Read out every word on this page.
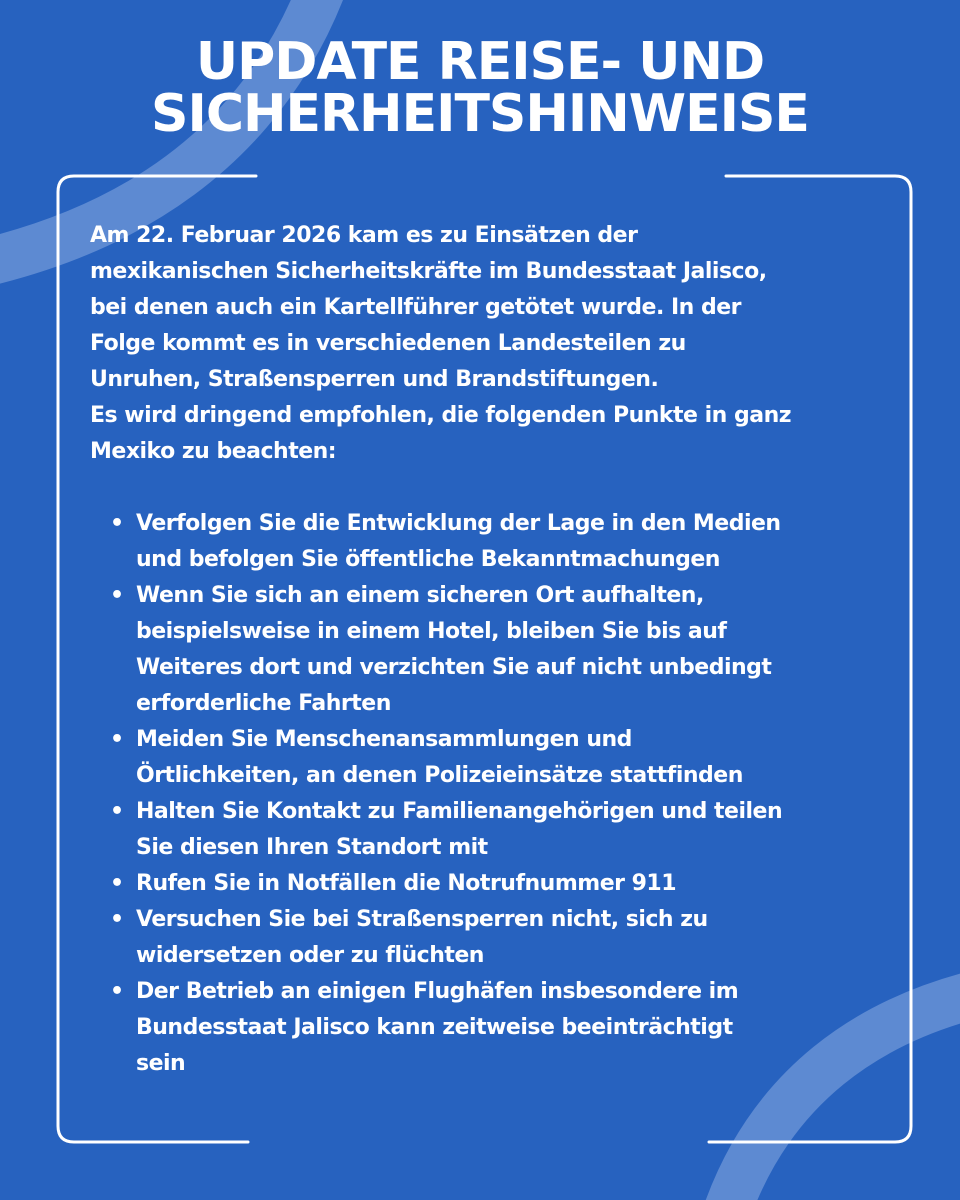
UPDATE REISE- UND
SICHERHEITSHINWEISE

Am 22. Februar 2026 kam es zu Einsätzen der
mexikanischen Sicherheitskräfte im Bundesstaat Jalisco,
bei denen auch ein Kartellführer getötet wurde. In der
Folge kommt es in verschiedenen Landesteilen zu
Unruhen, Straßensperren und Brandstiftungen.
Es wird dringend empfohlen, die folgenden Punkte in ganz
Mexiko zu beachten:

• Verfolgen Sie die Entwicklung der Lage in den Medien
und befolgen Sie öffentliche Bekanntmachungen
• Wenn Sie sich an einem sicheren Ort aufhalten,
beispielsweise in einem Hotel, bleiben Sie bis auf
Weiteres dort und verzichten Sie auf nicht unbedingt
erforderliche Fahrten
• Meiden Sie Menschenansammlungen und
Örtlichkeiten, an denen Polizeieinsätze stattfinden
• Halten Sie Kontakt zu Familienangehörigen und teilen
Sie diesen Ihren Standort mit
• Rufen Sie in Notfällen die Notrufnummer 911
• Versuchen Sie bei Straßensperren nicht, sich zu
widersetzen oder zu flüchten
• Der Betrieb an einigen Flughäfen insbesondere im
Bundesstaat Jalisco kann zeitweise beeinträchtigt
sein
